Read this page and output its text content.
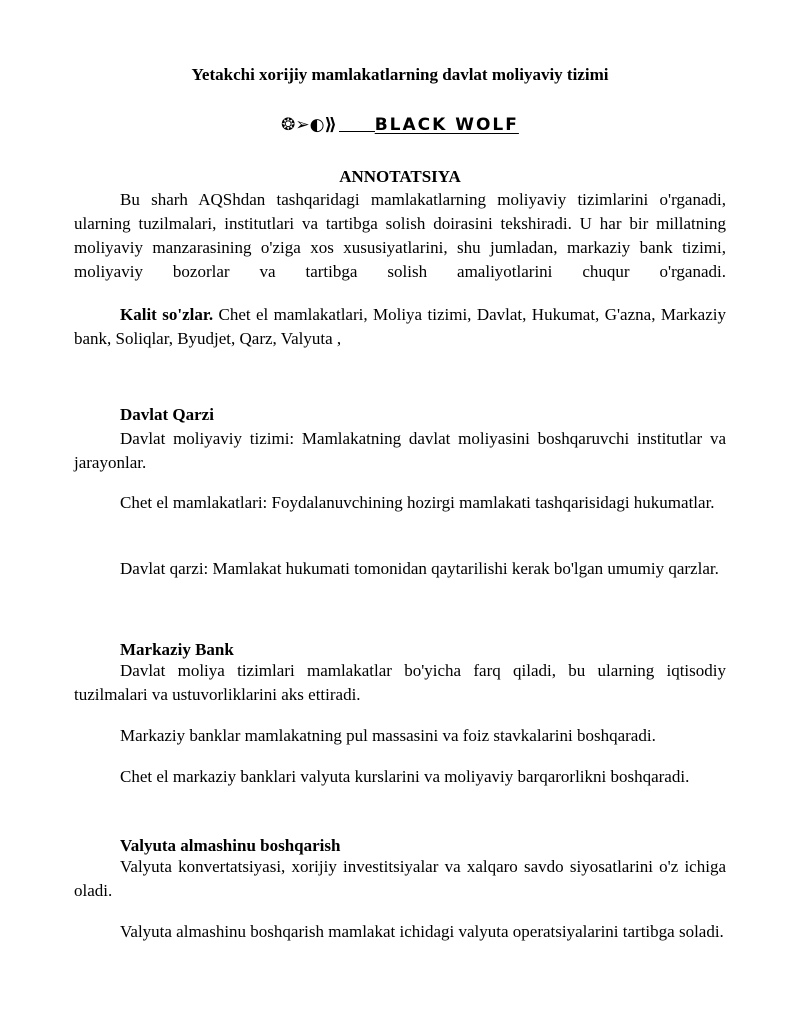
Yetakchi xorijiy mamlakatlarning davlat moliyaviy tizimi
❂➢◐⟫ BLACK WOLF
ANNOTATSIYA
Bu sharh AQShdan tashqaridagi mamlakatlarning moliyaviy tizimlarini o'rganadi, ularning tuzilmalari, institutlari va tartibga solish doirasini tekshiradi. U har bir millatning moliyaviy manzarasining o'ziga xos xususiyatlarini, shu jumladan, markaziy bank tizimi, moliyaviy bozorlar va tartibga solish amaliyotlarini chuqur o'rganadi.
Kalit so'zlar. Chet el mamlakatlari, Moliya tizimi, Davlat, Hukumat, G'azna, Markaziy bank, Soliqlar, Byudjet, Qarz, Valyuta ,
Davlat Qarzi
Davlat moliyaviy tizimi: Mamlakatning davlat moliyasini boshqaruvchi institutlar va jarayonlar.
Chet el mamlakatlari: Foydalanuvchining hozirgi mamlakati tashqarisidagi hukumatlar.
Davlat qarzi: Mamlakat hukumati tomonidan qaytarilishi kerak bo'lgan umumiy qarzlar.
Markaziy Bank
Davlat moliya tizimlari mamlakatlar bo'yicha farq qiladi, bu ularning iqtisodiy tuzilmalari va ustuvorliklarini aks ettiradi.
Markaziy banklar mamlakatning pul massasini va foiz stavkalarini boshqaradi.
Chet el markaziy banklari valyuta kurslarini va moliyaviy barqarorlikni boshqaradi.
Valyuta almashinu boshqarish
Valyuta konvertatsiyasi, xorijiy investitsiyalar va xalqaro savdo siyosatlarini o'z ichiga oladi.
Valyuta almashinu boshqarish mamlakat ichidagi valyuta operatsiyalarini tartibga soladi.
